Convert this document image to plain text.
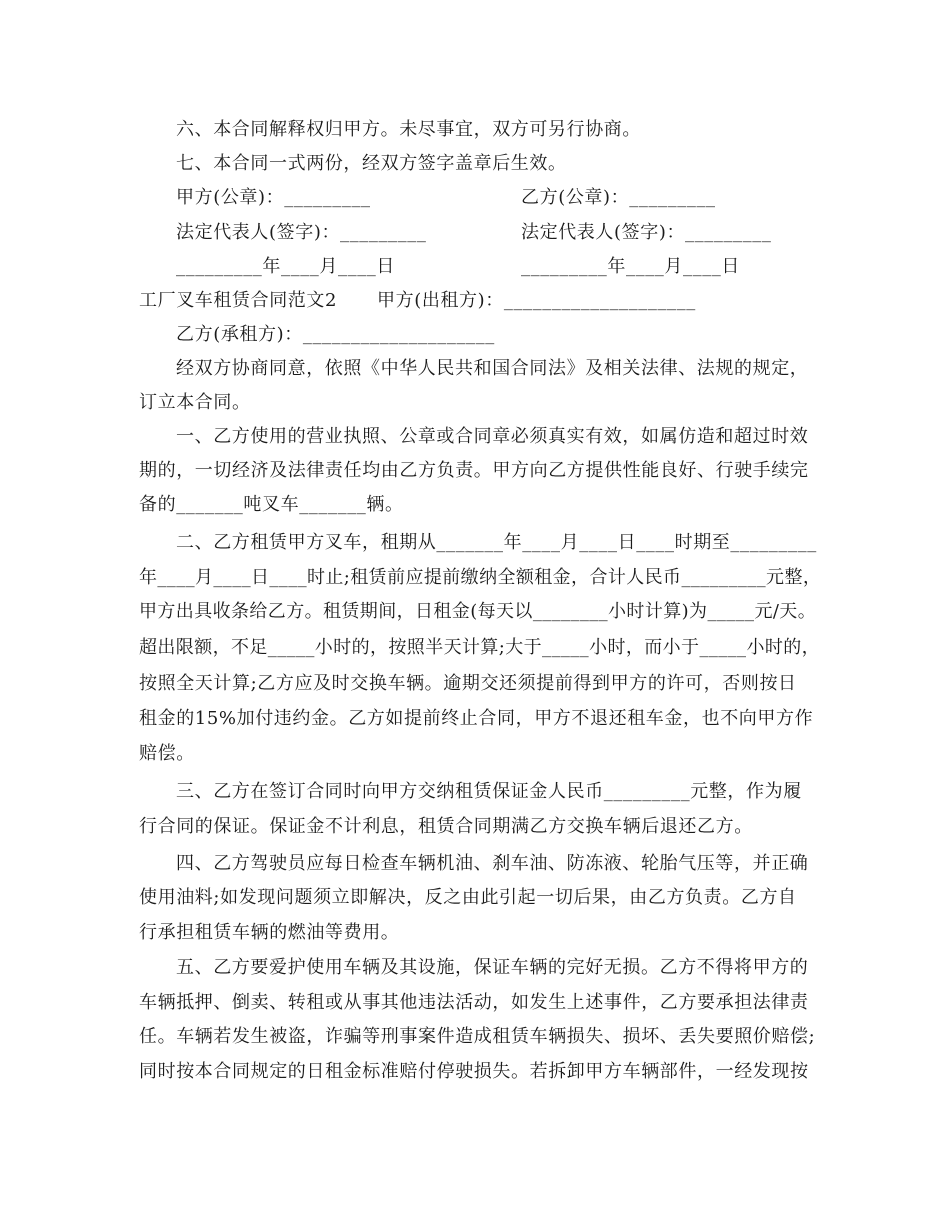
六、本合同解释权归甲方。未尽事宜，双方可另行协商。
七、本合同一式两份，经双方签字盖章后生效。
甲方(公章)：_________	乙方(公章)：_________
法定代表人(签字)：_________	法定代表人(签字)：_________
_________年____月____日	_________年____月____日
工厂叉车租赁合同范文2 甲方(出租方)：____________________
乙方(承租方)：____________________
经双方协商同意，依照《中华人民共和国合同法》及相关法律、法规的规定，
订立本合同。
一、乙方使用的营业执照、公章或合同章必须真实有效，如属仿造和超过时效
期的，一切经济及法律责任均由乙方负责。甲方向乙方提供性能良好、行驶手续完
备的_______吨叉车_______辆。
二、乙方租赁甲方叉车，租期从_______年____月____日____时期至_________
年____月____日____时止;租赁前应提前缴纳全额租金，合计人民币_________元整，
甲方出具收条给乙方。租赁期间，日租金(每天以________小时计算)为_____元/天。
超出限额，不足_____小时的，按照半天计算;大于_____小时，而小于_____小时的，
按照全天计算;乙方应及时交换车辆。逾期交还须提前得到甲方的许可，否则按日
租金的15%加付违约金。乙方如提前终止合同，甲方不退还租车金，也不向甲方作
赔偿。
三、乙方在签订合同时向甲方交纳租赁保证金人民币_________元整，作为履
行合同的保证。保证金不计利息，租赁合同期满乙方交换车辆后退还乙方。
四、乙方驾驶员应每日检查车辆机油、刹车油、防冻液、轮胎气压等，并正确
使用油料;如发现问题须立即解决，反之由此引起一切后果，由乙方负责。乙方自
行承担租赁车辆的燃油等费用。
五、乙方要爱护使用车辆及其设施，保证车辆的完好无损。乙方不得将甲方的
车辆抵押、倒卖、转租或从事其他违法活动，如发生上述事件，乙方要承担法律责
任。车辆若发生被盗，诈骗等刑事案件造成租赁车辆损失、损坏、丢失要照价赔偿;
同时按本合同规定的日租金标准赔付停驶损失。若拆卸甲方车辆部件，一经发现按
